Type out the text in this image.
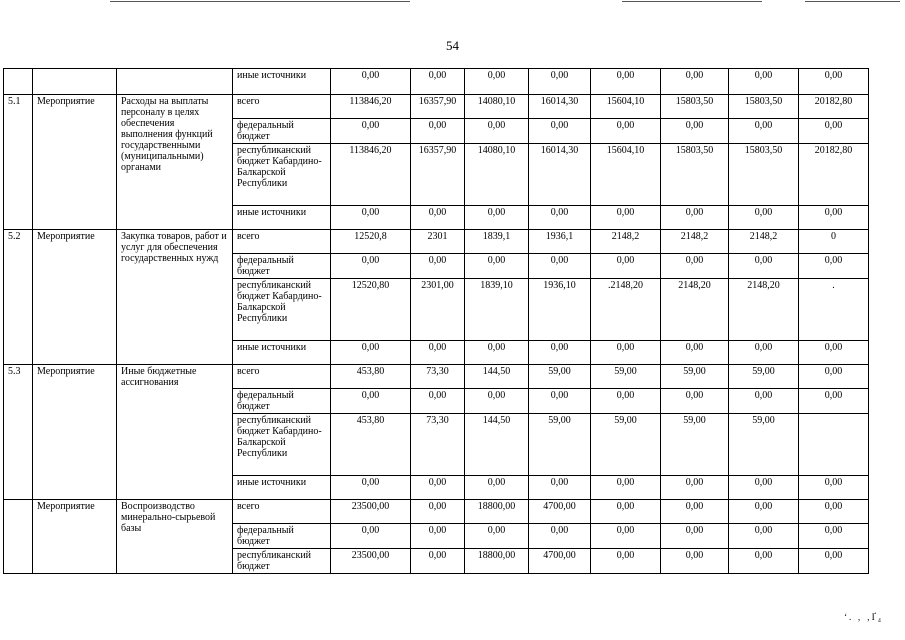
54
			иные источники	0,00	0,00	0,00	0,00	0,00	0,00	0,00	0,00
5.1	Мероприятие	Расходы на выплаты персоналу в целях обеспечения выполнения функций государственными (муниципальными) органами	всего	113846,20	16357,90	14080,10	16014,30	15604,10	15803,50	15803,50	20182,80
			федеральный бюджет	0,00	0,00	0,00	0,00	0,00	0,00	0,00	0,00
			республиканский бюджет Кабардино-Балкарской Республики	113846,20	16357,90	14080,10	16014,30	15604,10	15803,50	15803,50	20182,80
			иные источники	0,00	0,00	0,00	0,00	0,00	0,00	0,00	0,00
5.2	Мероприятие	Закупка товаров, работ и услуг для обеспечения государственных нужд	всего	12520,8	2301	1839,1	1936,1	2148,2	2148,2	2148,2	0
			федеральный бюджет	0,00	0,00	0,00	0,00	0,00	0,00	0,00	0,00
			республиканский бюджет Кабардино-Балкарской Республики	12520,80	2301,00	1839,10	1936,10	.2148,20	2148,20	2148,20	.
			иные источники	0,00	0,00	0,00	0,00	0,00	0,00	0,00	0,00
5.3	Мероприятие	Иные бюджетные ассигнования	всего	453,80	73,30	144,50	59,00	59,00	59,00	59,00	0,00
			федеральный бюджет	0,00	0,00	0,00	0,00	0,00	0,00	0,00	0,00
			республиканский бюджет Кабардино-Балкарской Республики	453,80	73,30	144,50	59,00	59,00	59,00	59,00	
			иные источники	0,00	0,00	0,00	0,00	0,00	0,00	0,00	0,00
	Мероприятие	Воспроизводство минерально-сырьевой базы	всего	23500,00	0,00	18800,00	4700,00	0,00	0,00	0,00	0,00
			федеральный бюджет	0,00	0,00	0,00	0,00	0,00	0,00	0,00	0,00
			республиканский бюджет	23500,00	0,00	18800,00	4700,00	0,00	0,00	0,00	0,00
ʻ. ‚ ‚Ґ₄
